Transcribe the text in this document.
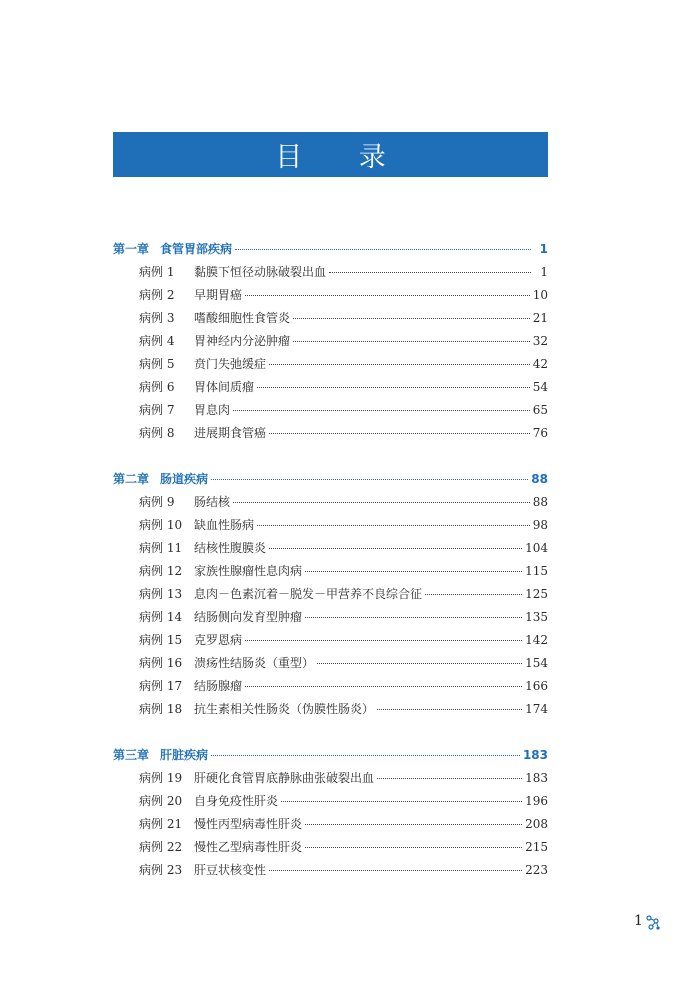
目 录
第一章 食管胃部疾病	1
病例 1	黏膜下恒径动脉破裂出血	1
病例 2	早期胃癌	10
病例 3	嗜酸细胞性食管炎	21
病例 4	胃神经内分泌肿瘤	32
病例 5	贲门失弛缓症	42
病例 6	胃体间质瘤	54
病例 7	胃息肉	65
病例 8	进展期食管癌	76
第二章 肠道疾病	88
病例 9	肠结核	88
病例 10 缺血性肠病	98
病例 11 结核性腹膜炎	104
病例 12 家族性腺瘤性息肉病	115
病例 13 息肉－色素沉着－脱发－甲营养不良综合征	125
病例 14 结肠侧向发育型肿瘤	135
病例 15 克罗恩病	142
病例 16 溃疡性结肠炎（重型）	154
病例 17 结肠腺瘤	166
病例 18 抗生素相关性肠炎（伪膜性肠炎）	174
第三章 肝脏疾病	183
病例 19 肝硬化食管胃底静脉曲张破裂出血	183
病例 20 自身免疫性肝炎	196
病例 21 慢性丙型病毒性肝炎	208
病例 22 慢性乙型病毒性肝炎	215
病例 23 肝豆状核变性	223
1
